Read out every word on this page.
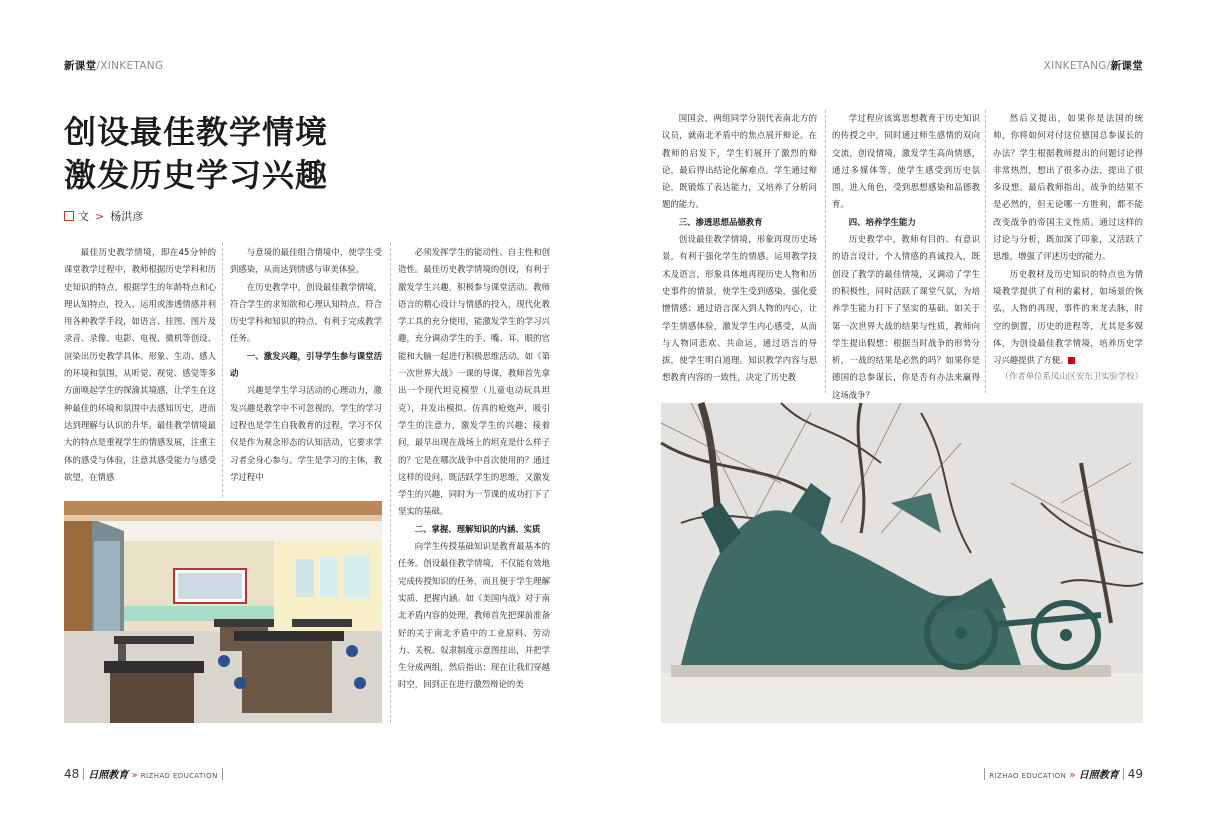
新课堂/XINKETANG	XINKETANG/新课堂
创设最佳教学情境
激发历史学习兴趣
文 > 杨洪彦

最佳历史教学情境，即在45分钟的课堂教学过程中，教师根据历史学科和历史知识的特点，根据学生的年龄特点和心理认知特点，投入、运用或渗透情感并利用各种教学手段，如语言、挂图、图片及录音、录像、电影、电视、微机等创设、渲染出历史教学具体、形象、生动、感人的环境和氛围，从听觉、视觉、感觉等多方面唤起学生的探渝其境感，让学生在这种最佳的环境和氛围中去感知历史，进而达到理解与认识的升华。最佳教学情境最大的特点是重视学生的情感发展，注重主体的感受与体验，注意其感受能力与感受欲望，在情感

与意境的最佳组合情境中，使学生受到感染，从而达到情感与审美体验。

在历史教学中，创设最佳教学情境，符合学生的求知欲和心理认知特点，符合历史学科和知识的特点，有利于完成教学任务。

一、激发兴趣，引导学生参与课堂活动

兴趣是学生学习活动的心理动力，激发兴趣是教学中不可忽视的。学生的学习过程也是学生自我教育的过程，学习不仅仅是作为观念形态的认知活动，它要求学习者全身心参与。学生是学习的主体，教学过程中

必须发挥学生的能动性、自主性和创造性。最佳历史教学情境的创设，有利于激发学生兴趣，积极参与课堂活动。教师语言的精心设计与情感的投入，现代化教学工具的充分使用，能激发学生的学习兴趣，充分调动学生的手、嘴、耳、眼的官能和大脑一起进行积极思维活动。如《第一次世界大战》一课的导课，教师首先拿出一个现代坦克模型（儿童电动玩具坦克），并发出模拟、仿真的枪炮声，吸引学生的注意力，激发学生的兴趣；接着问，最早出现在战场上的坦克是什么样子的？它是在哪次战争中首次使用的？通过这样的设问，既活跃学生的思维，又激发学生的兴趣，同时为一节课的成功打下了坚实的基础。

二、掌握、理解知识的内涵、实质

向学生传授基础知识是教育最基本的任务。创设最佳教学情境，不仅能有效地完成传授知识的任务，而且便于学生理解实质、把握内涵。如《美国内战》对于南北矛盾内容的处理，教师首先把课前准备好的关于南北矛盾中的工业原料、劳动力、关税、奴隶制度示意图挂出，并把学生分成两组，然后指出：现在让我们穿越时空，回到正在进行激烈辩论的美

国国会，两组同学分别代表南北方的议员，就南北矛盾中的焦点展开辩论。在教师的启发下，学生们展开了激烈的辩论，最后得出结论化解难点。学生通过辩论，既锻炼了表达能力，又培养了分析问题的能力。

三、渗透思想品德教育

创设最佳教学情境，形象再现历史场景，有利于强化学生的情感。运用教学技术及语言，形象具体地再现历史人物和历史事件的情景，使学生受到感染，强化爱憎情感；通过语言深入到人物的内心，让学生情感体验，激发学生内心感受，从而与人物同悲欢、共命运，通过语言的导拔，使学生明白道理。知识教学内容与思想教育内容的一致性，决定了历史教

学过程应该寓思想教育于历史知识的传授之中，同时通过师生感情的双向交流，创设情境，激发学生高尚情感，通过多媒体等，使学生感受到历史氛围，进入角色，受到思想感染和品德教育。

四、培养学生能力

历史教学中，教师有目的、有意识的语言设计，个人情感的真诚投入，既创设了教学的最佳情境，又调动了学生的积极性，同时活跃了课堂气氛，为培养学生能力打下了坚实的基础。如关于第一次世界大战的结果与性质，教师向学生提出假想：根据当时战争的形势分析，一战的结果是必然的吗？如果你是德国的总参谋长，你是否有办法来赢得这场战争？

然后又提出，如果你是法国的统帅，你将如何对付这位德国总参谋长的办法？学生根据教师提出的问题讨论得非常热烈，想出了很多办法，提出了很多设想。最后教师指出，战争的结果不是必然的，但无论哪一方胜利，都不能改变战争的帝国主义性质。通过这样的讨论与分析，既加深了印象，又活跃了思维，增强了评述历史的能力。

历史教材及历史知识的特点也为情境教学提供了有利的素材，如场景的恢弘，人物的再现，事件的来龙去脉，时空的倒置，历史的进程等，尤其是多媒体，为创设最佳教学情境，培养历史学习兴趣提供了方便。

（作者单位系凤山区安东卫实验学校）
48 日照教育 » RIZHAO EDUCATION	RIZHAO EDUCATION » 日照教育 49
